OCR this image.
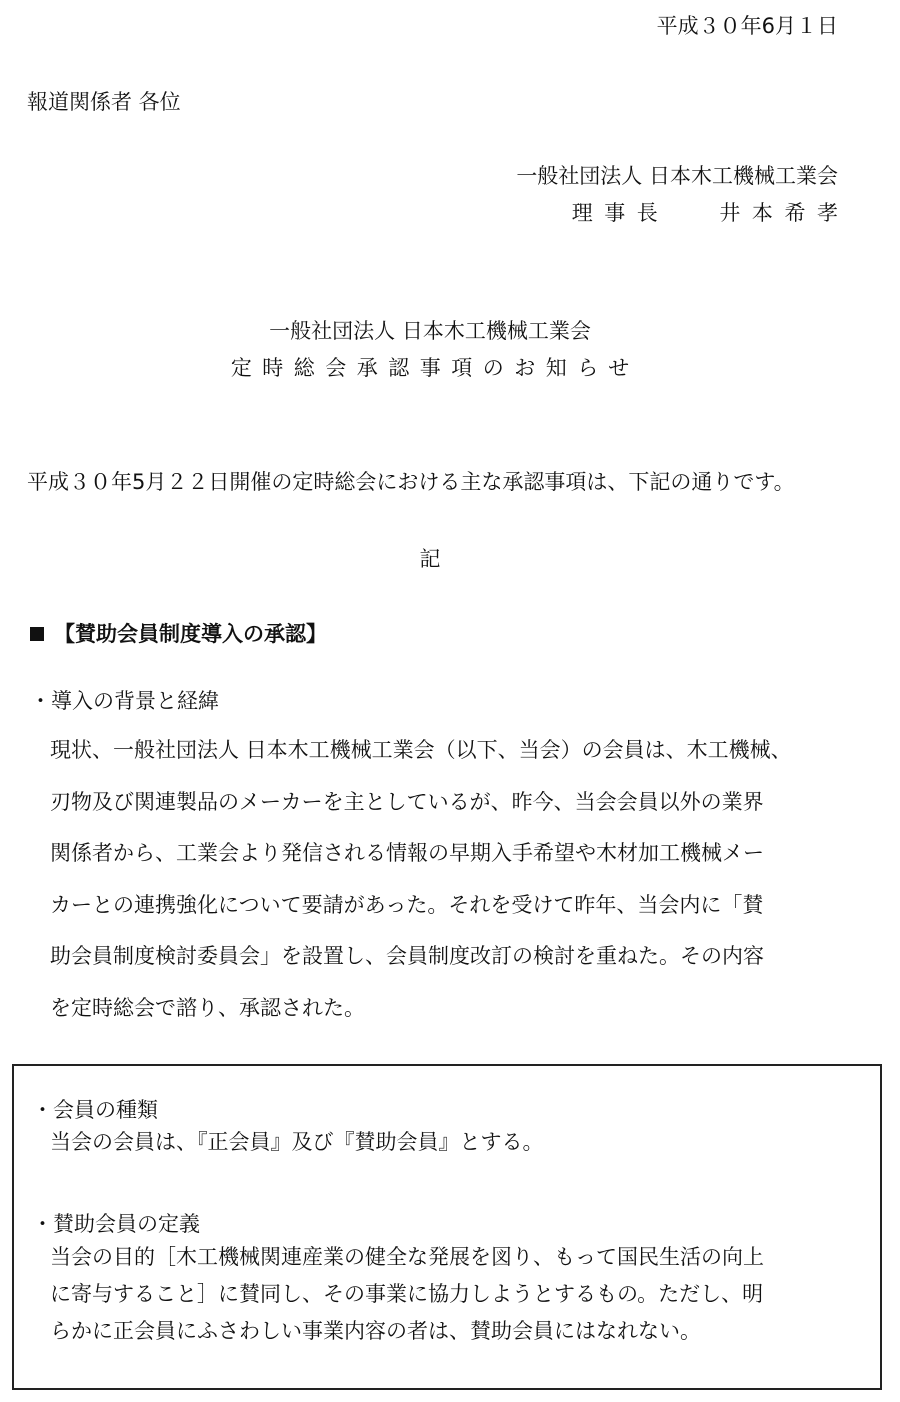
平成３０年6月１日
報道関係者 各位
一般社団法人 日本木工機械工業会
理事長 井本希孝
一般社団法人 日本木工機械工業会
定時総会承認事項のお知らせ
平成３０年5月２２日開催の定時総会における主な承認事項は、下記の通りです。
記
【賛助会員制度導入の承認】
・導入の背景と経緯
現状、一般社団法人 日本木工機械工業会（以下、当会）の会員は、木工機械、
刃物及び関連製品のメーカーを主としているが、昨今、当会会員以外の業界
関係者から、工業会より発信される情報の早期入手希望や木材加工機械メー
カーとの連携強化について要請があった。それを受けて昨年、当会内に「賛
助会員制度検討委員会」を設置し、会員制度改訂の検討を重ねた。その内容
を定時総会で諮り、承認された。
・会員の種類
当会の会員は、『正会員』及び『賛助会員』とする。
・賛助会員の定義
当会の目的［木工機械関連産業の健全な発展を図り、もって国民生活の向上
に寄与すること］に賛同し、その事業に協力しようとするもの。ただし、明
らかに正会員にふさわしい事業内容の者は、賛助会員にはなれない。
